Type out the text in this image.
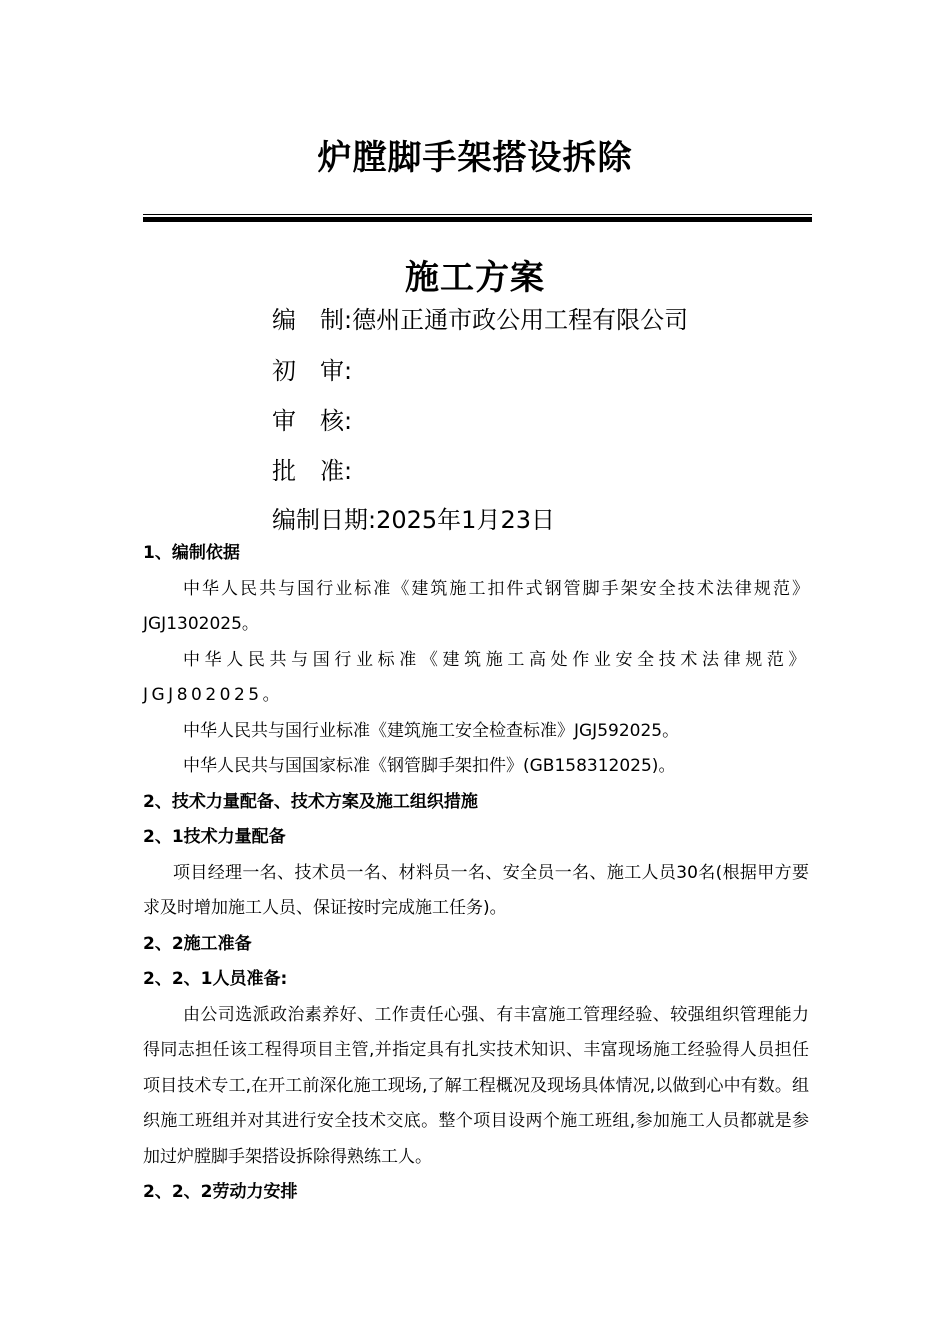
炉膛脚手架搭设拆除
施工方案
编　制:德州正通市政公用工程有限公司
初　审:
审　核:
批　准:
编制日期:2025年1月23日
1、编制依据
中华人民共与国行业标准《建筑施工扣件式钢管脚手架安全技术法律规范》JGJ1302025。
中华人民共与国行业标准《建筑施工高处作业安全技术法律规范》JGJ802025。
中华人民共与国行业标准《建筑施工安全检查标准》JGJ592025。
中华人民共与国国家标准《钢管脚手架扣件》(GB158312025)。
2、技术力量配备、技术方案及施工组织措施
2、1技术力量配备
项目经理一名、技术员一名、材料员一名、安全员一名、施工人员30名(根据甲方要求及时增加施工人员、保证按时完成施工任务)。
2、2施工准备
2、2、1人员准备:
由公司选派政治素养好、工作责任心强、有丰富施工管理经验、较强组织管理能力得同志担任该工程得项目主管,并指定具有扎实技术知识、丰富现场施工经验得人员担任项目技术专工,在开工前深化施工现场,了解工程概况及现场具体情况,以做到心中有数。组织施工班组并对其进行安全技术交底。整个项目设两个施工班组,参加施工人员都就是参加过炉膛脚手架搭设拆除得熟练工人。
2、2、2劳动力安排
